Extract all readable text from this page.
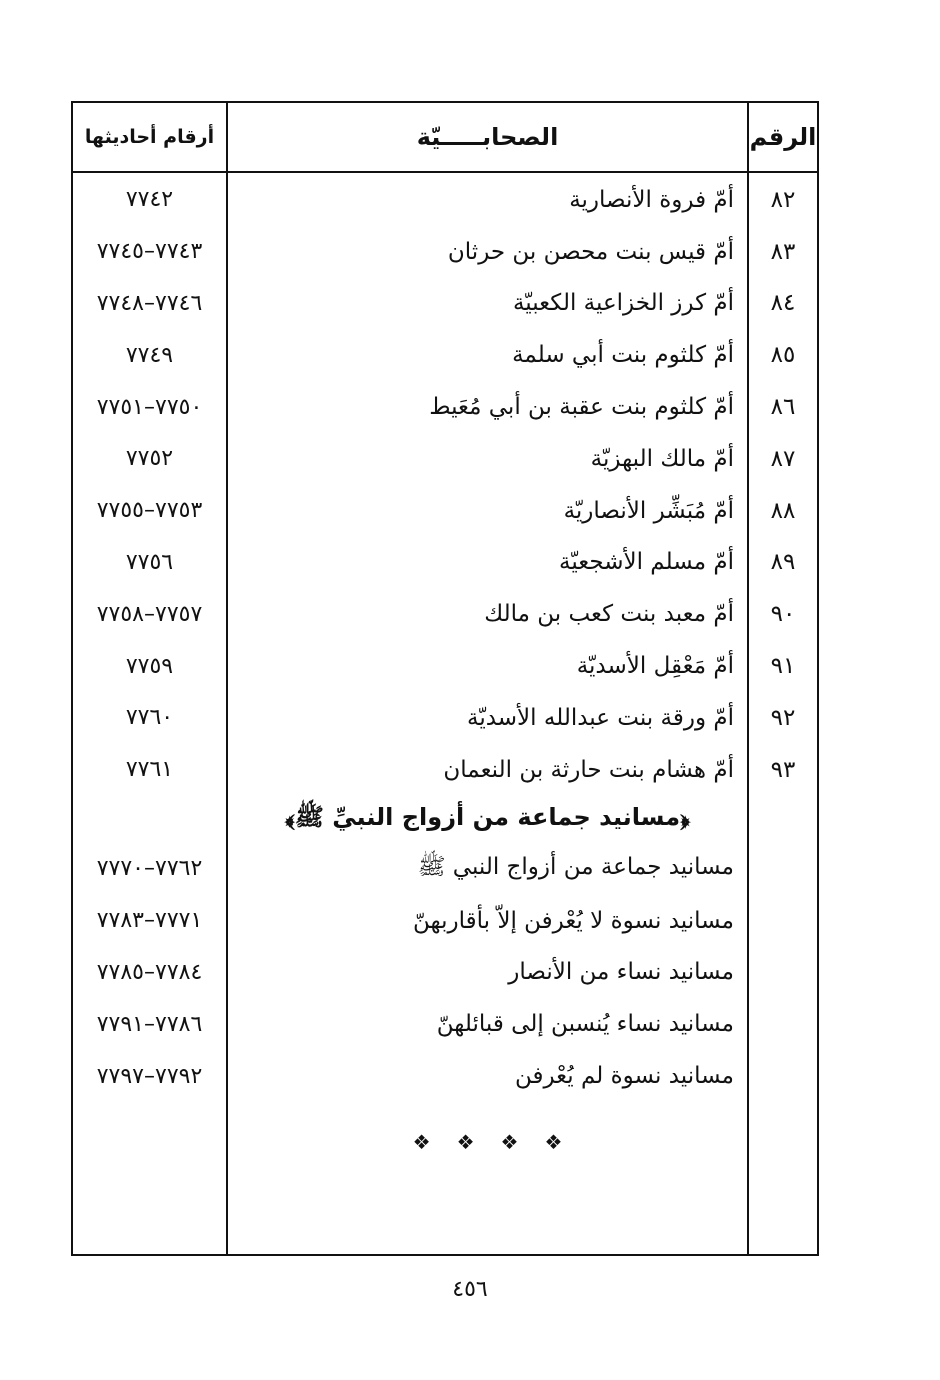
الرقم
الصحابـــــيّة
أرقام أحاديثها
٨٢
أمّ فروة الأنصارية
٧٧٤٢
٨٣
أمّ قيس بنت محصن بن حرثان
٧٧٤٣–٧٧٤٥
٨٤
أمّ كرز الخزاعية الكعبيّة
٧٧٤٦–٧٧٤٨
٨٥
أمّ كلثوم بنت أبي سلمة
٧٧٤٩
٨٦
أمّ كلثوم بنت عقبة بن أبي مُعَيط
٧٧٥٠–٧٧٥١
٨٧
أمّ مالك البهزيّة
٧٧٥٢
٨٨
أمّ مُبَشِّر الأنصاريّة
٧٧٥٣–٧٧٥٥
٨٩
أمّ مسلم الأشجعيّة
٧٧٥٦
٩٠
أمّ معبد بنت كعب بن مالك
٧٧٥٧–٧٧٥٨
٩١
أمّ مَعْقِل الأسديّة
٧٧٥٩
٩٢
أمّ ورقة بنت عبدالله الأسديّة
٧٧٦٠
٩٣
أمّ هشام بنت حارثة بن النعمان
٧٧٦١
﴿مسانيد جماعة من أزواج النبيِّ ﷺ﴾
مسانيد جماعة من أزواج النبي ﷺ
٧٧٦٢–٧٧٧٠
مسانيد نسوة لا يُعْرفن إلاّ بأقاربهنّ
٧٧٧١–٧٧٨٣
مسانيد نساء من الأنصار
٧٧٨٤–٧٧٨٥
مسانيد نساء يُنسبن إلى قبائلهنّ
٧٧٨٦–٧٧٩١
مسانيد نسوة لم يُعْرفن
٧٧٩٢–٧٧٩٧
❖ ❖ ❖ ❖
٤٥٦
